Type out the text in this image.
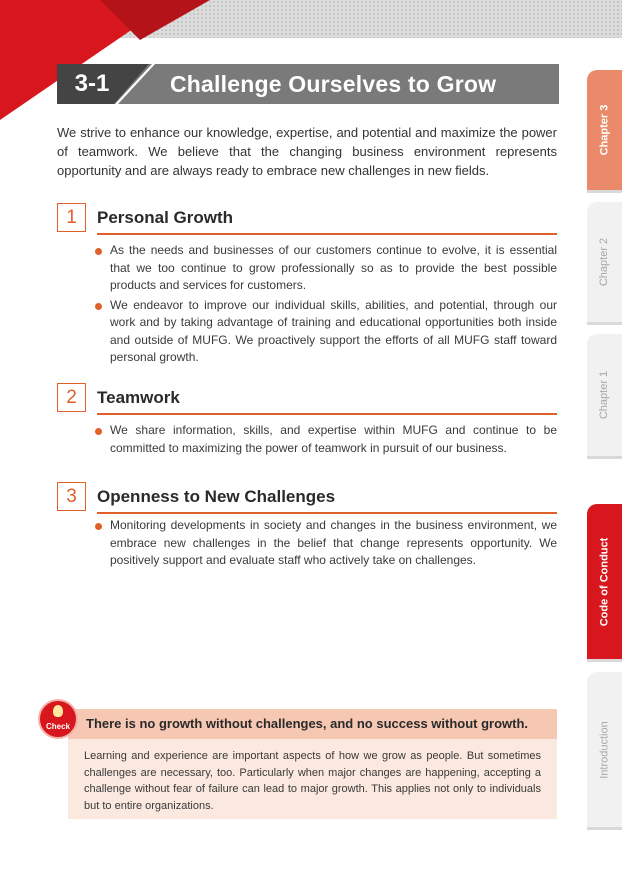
3-1	Challenge Ourselves to Grow

We strive to enhance our knowledge, expertise, and potential and maximize the power of teamwork. We believe that the changing business environment represents opportunity and are always ready to embrace new challenges in new fields.

1	Personal Growth
As the needs and businesses of our customers continue to evolve, it is essential that we too continue to grow professionally so as to provide the best possible products and services for customers.
We endeavor to improve our individual skills, abilities, and potential, through our work and by taking advantage of training and educational opportunities both inside and outside of MUFG. We proactively support the efforts of all MUFG staff toward personal growth.
2	Teamwork
We share information, skills, and expertise within MUFG and continue to be committed to maximizing the power of teamwork in pursuit of our business.
3	Openness to New Challenges
Monitoring developments in society and changes in the business environment, we embrace new challenges in the belief that change represents opportunity. We positively support and evaluate staff who actively take on challenges.
There is no growth without challenges, and no success without growth.

Learning and experience are important aspects of how we grow as people. But sometimes challenges are necessary, too. Particularly when major changes are happening, accepting a challenge without fear of failure can lead to major growth. This applies not only to individuals but to entire organizations.

Check
Chapter 3
Chapter 2
Chapter 1
Code of Conduct
Introduction
